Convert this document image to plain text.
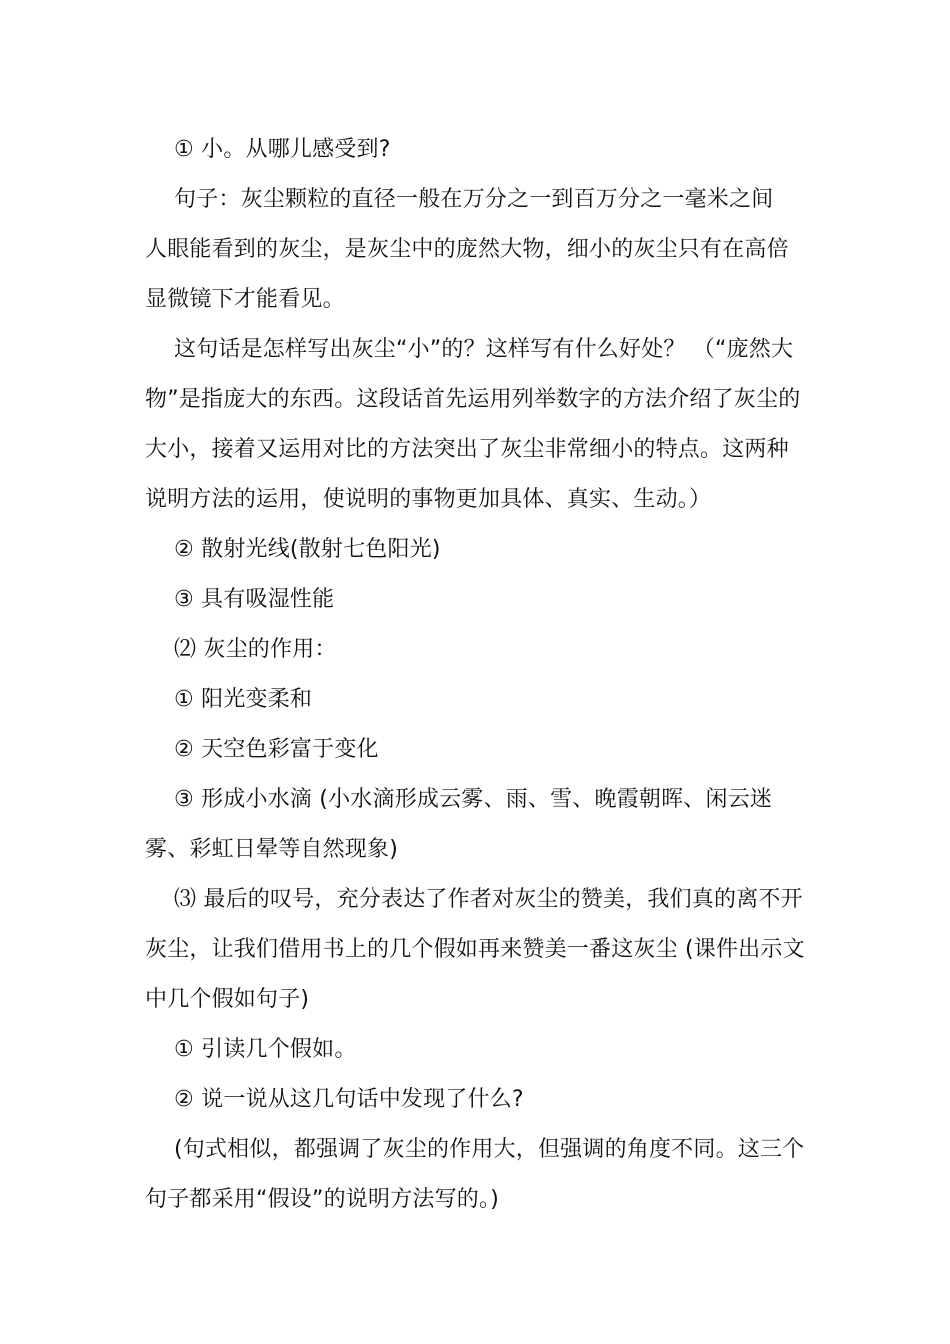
① 小。从哪儿感受到?

句子：灰尘颗粒的直径一般在万分之一到百万分之一毫米之间

人眼能看到的灰尘，是灰尘中的庞然大物，细小的灰尘只有在高倍显微镜下才能看见。

这句话是怎样写出灰尘“小”的？这样写有什么好处？ （“庞然大物”是指庞大的东西。这段话首先运用列举数字的方法介绍了灰尘的大小，接着又运用对比的方法突出了灰尘非常细小的特点。这两种说明方法的运用，使说明的事物更加具体、真实、生动。）

② 散射光线(散射七色阳光)

③ 具有吸湿性能

⑵ 灰尘的作用：

① 阳光变柔和

② 天空色彩富于变化

③ 形成小水滴 (小水滴形成云雾、雨、雪、晚霞朝晖、闲云迷雾、彩虹日晕等自然现象)

⑶ 最后的叹号，充分表达了作者对灰尘的赞美，我们真的离不开灰尘，让我们借用书上的几个假如再来赞美一番这灰尘 (课件出示文中几个假如句子)

① 引读几个假如。

② 说一说从这几句话中发现了什么?

(句式相似，都强调了灰尘的作用大，但强调的角度不同。这三个句子都采用“假设”的说明方法写的。)
